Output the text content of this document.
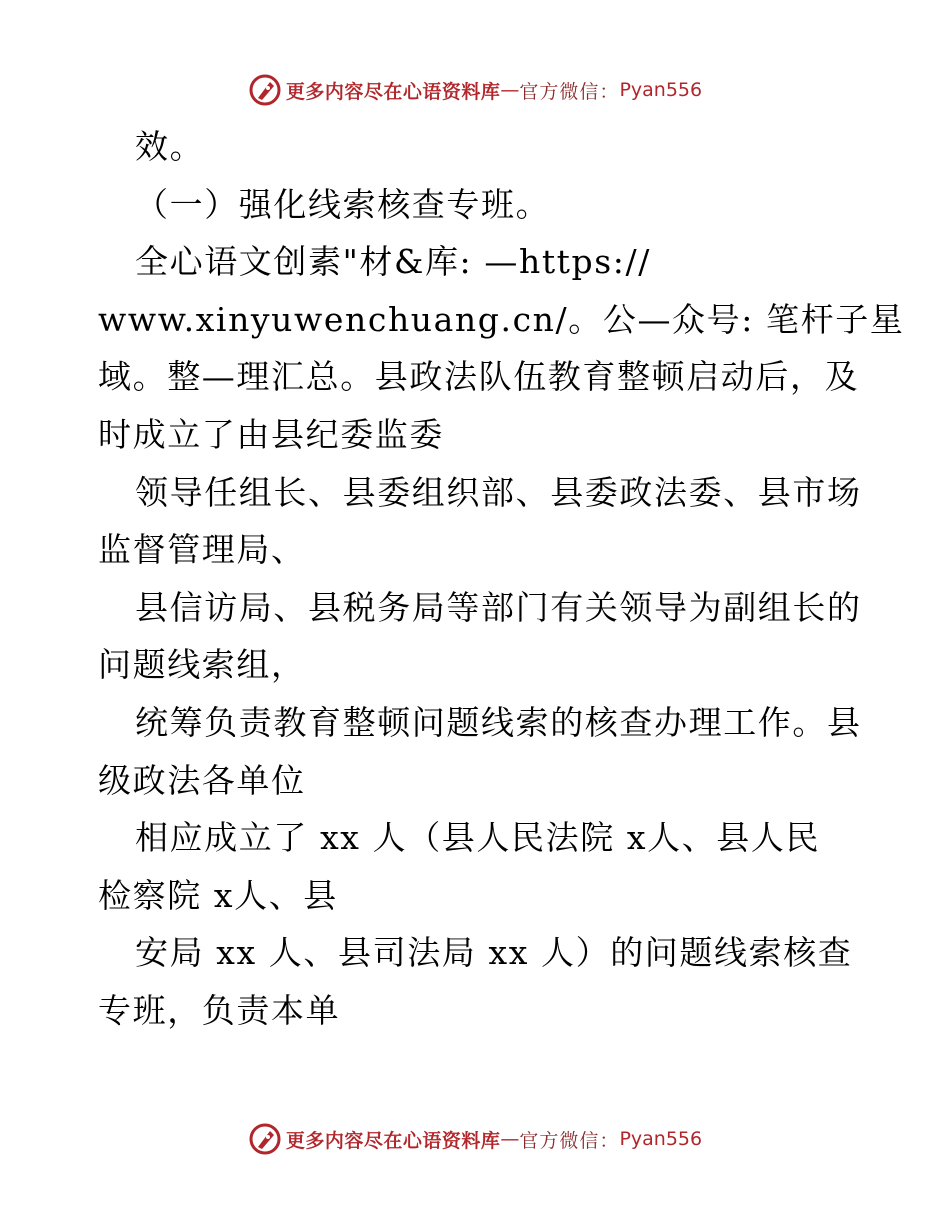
更多内容尽在心语资料库 — 官方微信： Pyan556
效。
（一）强化线索核查专班。
全心语文创素"材&库: —https://
www.xinyuwenchuang.cn/。公—众号: 笔杆子星
域。整—理汇总。县政法队伍教育整顿启动后，及
时成立了由县纪委监委
领导任组长、县委组织部、县委政法委、县市场
监督管理局、
县信访局、县税务局等部门有关领导为副组长的
问题线索组，
统筹负责教育整顿问题线索的核查办理工作。县
级政法各单位
相应成立了 xx 人（县人民法院 x人、县人民
检察院 x人、县
安局 xx 人、县司法局 xx 人）的问题线索核查
专班，负责本单
更多内容尽在心语资料库 — 官方微信： Pyan556
